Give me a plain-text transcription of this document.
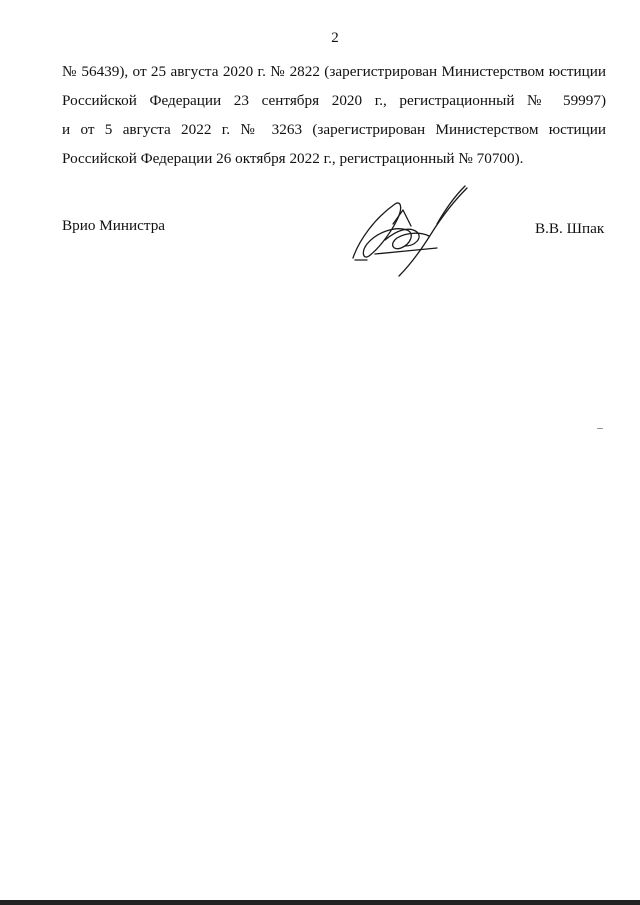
2

№ 56439), от 25 августа 2020 г. № 2822 (зарегистрирован Министерством юстиции
Российской Федерации 23 сентября 2020 г., регистрационный № 59997)
и от 5 августа 2022 г. № 3263 (зарегистрирован Министерством юстиции
Российской Федерации 26 октября 2022 г., регистрационный № 70700).

Врио Министра	В.В. Шпак
